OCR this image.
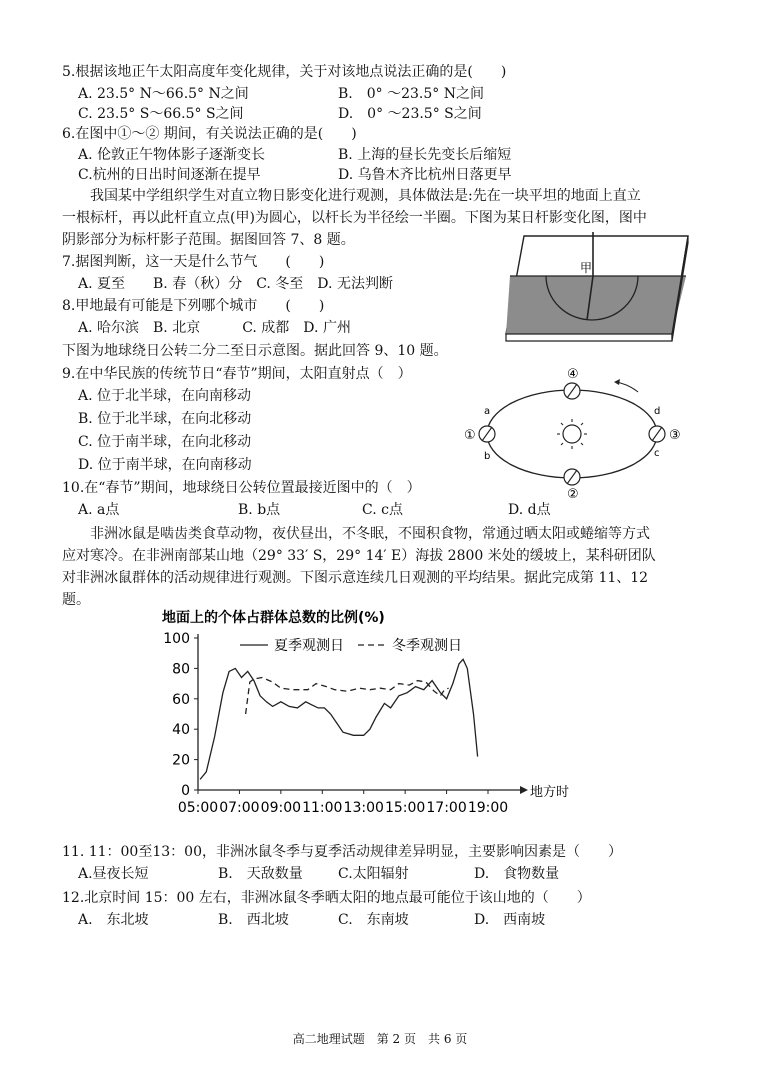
5.根据该地正午太阳高度年变化规律，关于对该地点说法正确的是(　　)
A. 23.5° N～66.5° N之间	B.　0° ～23.5° N之间
C. 23.5° S～66.5° S之间	D.　0° ～23.5° S之间
6.在图中①～② 期间，有关说法正确的是(　　)
A. 伦敦正午物体影子逐渐变长	B. 上海的昼长先变长后缩短
C.杭州的日出时间逐渐在提早	D. 乌鲁木齐比杭州日落更早
我国某中学组织学生对直立物日影变化进行观测，具体做法是:先在一块平坦的地面上直立
一根标杆，再以此杆直立点(甲)为圆心，以杆长为半径绘一半圈。下图为某日杆影变化图，图中
阴影部分为标杆影子范围。据图回答 7、8 题。
甲
7.据图判断，这一天是什么节气　　(　　)
A. 夏至　　B. 春（秋）分　C. 冬至　D. 无法判断
8.甲地最有可能是下列哪个城市　　(　　)
A. 哈尔滨　B. 北京　　　C. 成都　D. 广州
下图为地球绕日公转二分二至日示意图。据此回答 9、10 题。
9.在中华民族的传统节日“春节”期间，太阳直射点（　）
A. 位于北半球，在向南移动
B. 位于北半球，在向北移动
C. 位于南半球，在向北移动
D. 位于南半球，在向南移动
④
②
①	③
a
b	c
d
10.在“春节”期间，地球绕日公转位置最接近图中的（　）
A. a点	B. b点	C. c点	D. d点
非洲冰鼠是啮齿类食草动物，夜伏昼出，不冬眠，不囤积食物，常通过晒太阳或蜷缩等方式
应对寒冷。在非洲南部某山地（29° 33′ S，29° 14′ E）海拔 2800 米处的缓坡上，某科研团队
对非洲冰鼠群体的活动规律进行观测。下图示意连续几日观测的平均结果。据此完成第 11、12
题。
地面上的个体占群体总数的比例(%)
0
20
40
60
80
100
05:00 07:00 09:00 11:00 13:00 15:00 17:00 19:00
夏季观测日	冬季观测日
地方时
11. 11：00至13：00，非洲冰鼠冬季与夏季活动规律差异明显，主要影响因素是（　　）
A.昼夜长短	B.　天敌数量	C.太阳辐射	D.　食物数量
12.北京时间 15：00 左右，非洲冰鼠冬季晒太阳的地点最可能位于该山地的（　　）
A.　东北坡	B.　西北坡	C.　东南坡	D.　西南坡
高二地理试题　第 2 页　共 6 页
